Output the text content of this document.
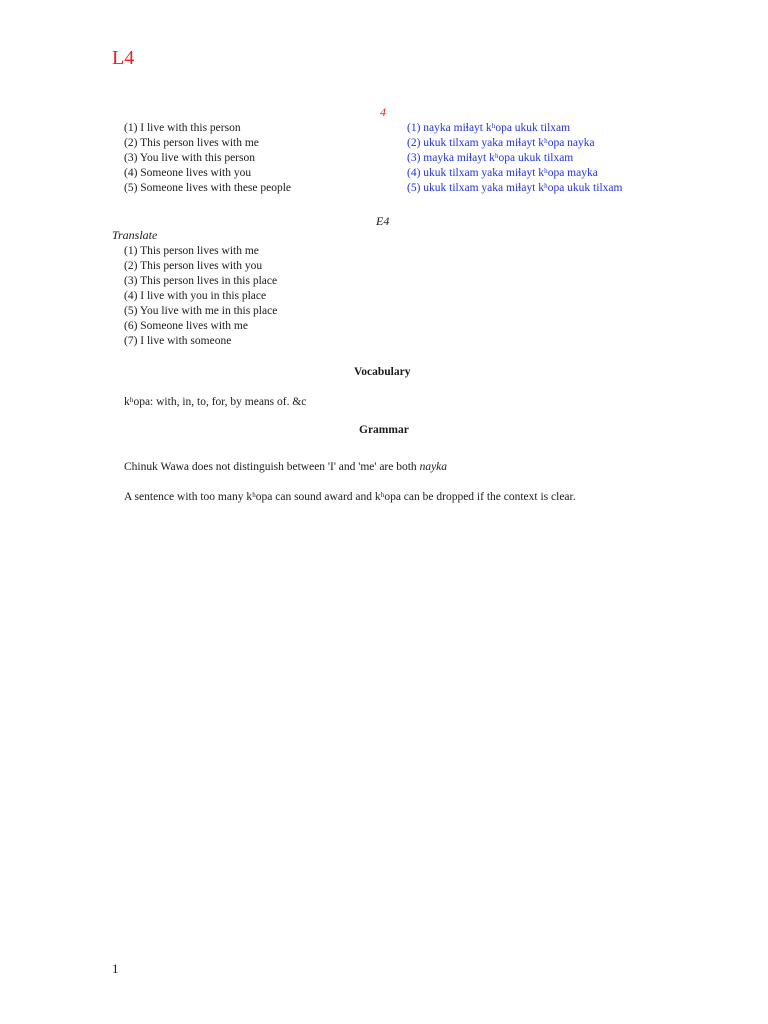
L4
4
(1) I live with this person
(2) This person lives with me
(3) You live with this person
(4) Someone lives with you
(5) Someone lives with these people
(1) nayka miɬayt kʰopa ukuk tilxam
(2) ukuk tilxam yaka miɬayt kʰopa nayka
(3) mayka miɬayt kʰopa ukuk tilxam
(4) ukuk tilxam yaka miɬayt kʰopa mayka
(5) ukuk tilxam yaka miɬayt kʰopa ukuk tilxam
E4
Translate
(1) This person lives with me
(2) This person lives with you
(3) This person lives in this place
(4) I live with you in this place
(5) You live with me in this place
(6) Someone lives with me
(7) I live with someone
Vocabulary
kʰopa: with, in, to, for, by means of. &c
Grammar
Chinuk Wawa does not distinguish between 'I' and 'me' are both nayka
A sentence with too many kʰopa can sound award and kʰopa can be dropped if the context is clear.
1
